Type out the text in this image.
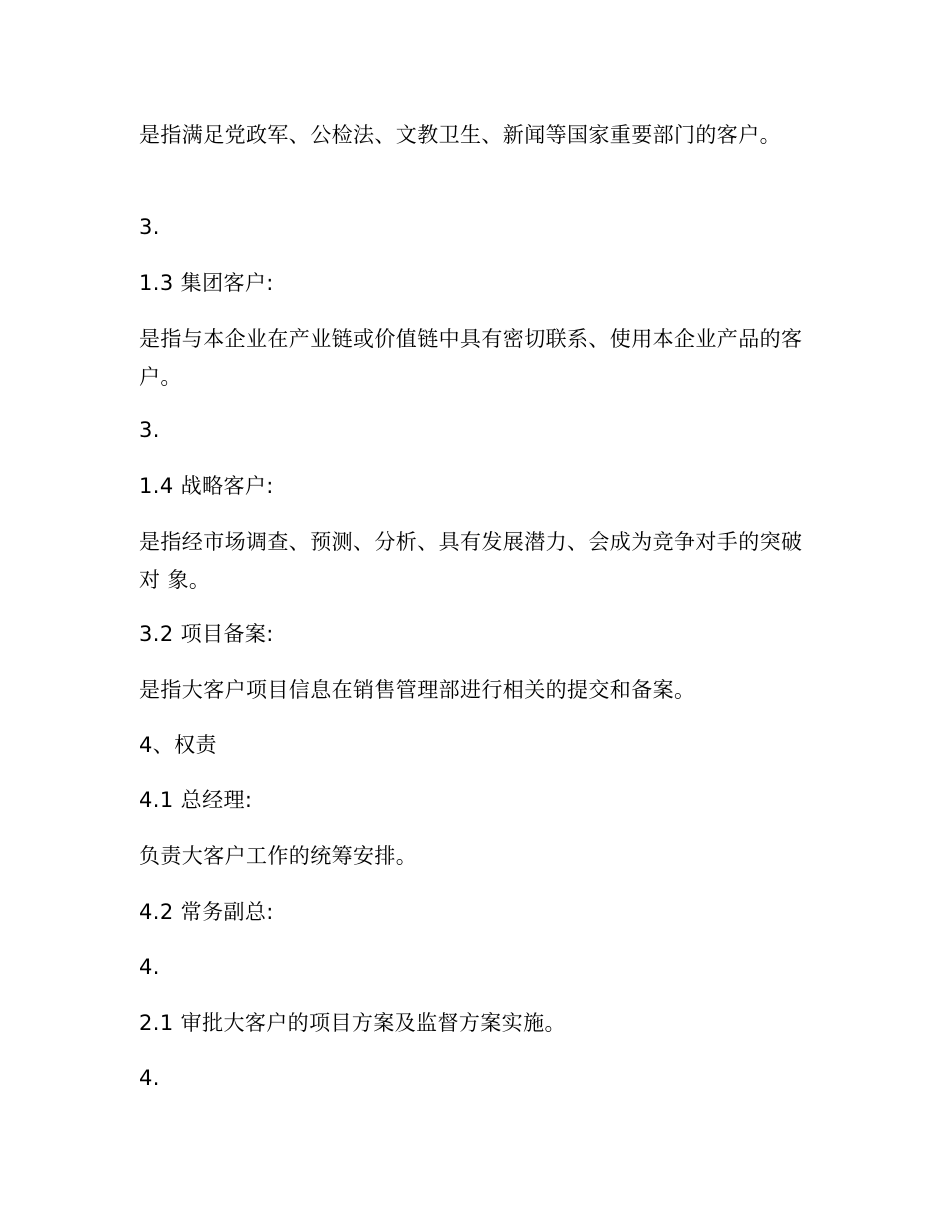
是指满足党政军、公检法、文教卫生、新闻等国家重要部门的客户。

3.

1.3 集团客户:

是指与本企业在产业链或价值链中具有密切联系、使用本企业产品的客户。

3.

1.4 战略客户:

是指经市场调查、预测、分析、具有发展潜力、会成为竞争对手的突破对 象。

3.2 项目备案:

是指大客户项目信息在销售管理部进行相关的提交和备案。

4、权责

4.1 总经理:

负责大客户工作的统筹安排。

4.2 常务副总:

4.

2.1 审批大客户的项目方案及监督方案实施。

4.
